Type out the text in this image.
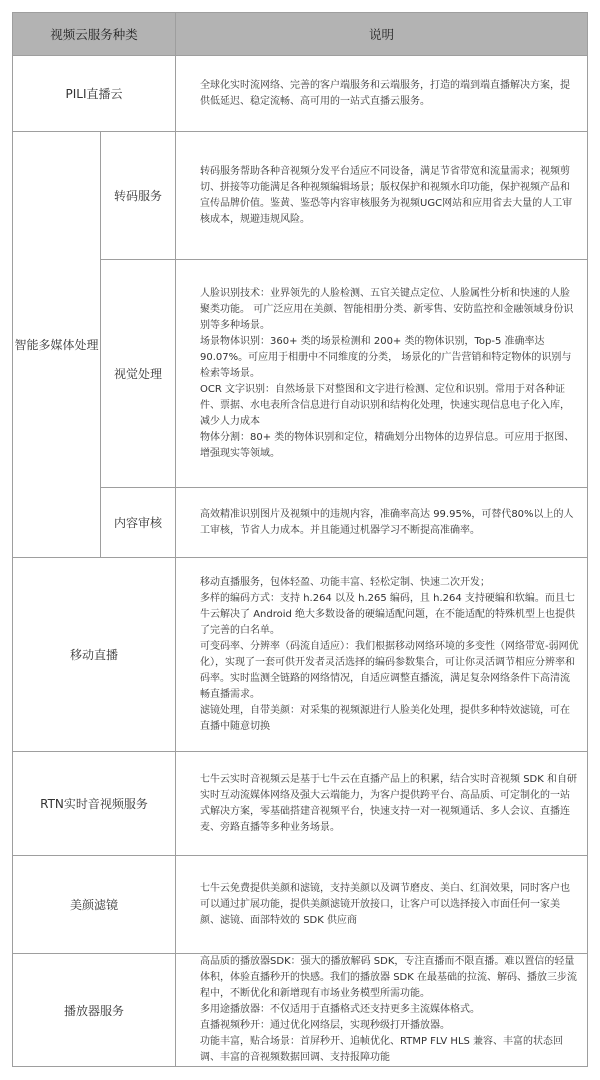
视频云服务种类		说明
PILI直播云		全球化实时流网络、完善的客户端服务和云端服务，打造的端到端直播解决方案，提供低延迟、稳定流畅、高可用的一站式直播云服务。

智能多媒体处理	转码服务	转码服务帮助各种音视频分发平台适应不同设备，满足节省带宽和流量需求；视频剪切、拼接等功能满足各种视频编辑场景；版权保护和视频水印功能，保护视频产品和宣传品牌价值。鉴黄、鉴恐等内容审核服务为视频UGC网站和应用省去大量的人工审核成本，规避违规风险。

	视觉处理	人脸识别技术：业界领先的人脸检测、五官关键点定位、人脸属性分析和快速的人脸聚类功能。 可广泛应用在美颜、智能相册分类、新零售、安防监控和金融领域身份识别等多种场景。

场景物体识别：360+ 类的场景检测和 200+ 类的物体识别，Top-5 准确率达 90.07%。可应用于相册中不同维度的分类， 场景化的广告营销和特定物体的识别与检索等场景。

OCR 文字识别：自然场景下对整图和文字进行检测、定位和识别。常用于对各种证件、票据、水电表所含信息进行自动识别和结构化处理，快速实现信息电子化入库，减少人力成本

物体分割：80+ 类的物体识别和定位，精确划分出物体的边界信息。可应用于抠图、增强现实等领域。

	内容审核	高效精准识别图片及视频中的违规内容，准确率高达 99.95%，可替代80%以上的人工审核，节省人力成本。并且能通过机器学习不断提高准确率。

移动直播		移动直播服务，包体轻盈、功能丰富、轻松定制、快速二次开发；

多样的编码方式：支持 h.264 以及 h.265 编码，且 h.264 支持硬编和软编。而且七牛云解决了 Android 绝大多数设备的硬编适配问题，在不能适配的特殊机型上也提供了完善的白名单。

可变码率、分辨率（码流自适应）：我们根据移动网络环境的多变性（网络带宽-弱网优化），实现了一套可供开发者灵活选择的编码参数集合，可让你灵活调节相应分辨率和码率。实时监测全链路的网络情况，自适应调整直播流，满足复杂网络条件下高清流畅直播需求。

滤镜处理，自带美颜：对采集的视频源进行人脸美化处理，提供多种特效滤镜，可在直播中随意切换

RTN实时音视频服务		七牛云实时音视频云是基于七牛云在直播产品上的积累，结合实时音视频 SDK 和自研实时互动流媒体网络及强大云端能力，为客户提供跨平台、高品质、可定制化的一站式解决方案，零基础搭建音视频平台，快速支持一对一视频通话、多人会议、直播连麦、旁路直播等多种业务场景。

美颜滤镜		七牛云免费提供美颜和滤镜，支持美颜以及调节磨皮、美白、红润效果，同时客户也可以通过扩展功能，提供美颜滤镜开放接口，让客户可以选择接入市面任何一家美颜、滤镜、面部特效的 SDK 供应商

播放器服务		高品质的播放器SDK：强大的播放解码 SDK，专注直播而不限直播。难以置信的轻量体积，体验直播秒开的快感。我们的播放器 SDK 在最基础的拉流、解码、播放三步流程中，不断优化和新增现有市场业务模型所需功能。

多用途播放器：不仅适用于直播格式还支持更多主流媒体格式。

直播视频秒开：通过优化网络层，实现秒级打开播放器。

功能丰富，贴合场景：首屏秒开、追帧优化、RTMP FLV HLS 兼容、丰富的状态回调、丰富的音视频数据回调、支持报障功能
